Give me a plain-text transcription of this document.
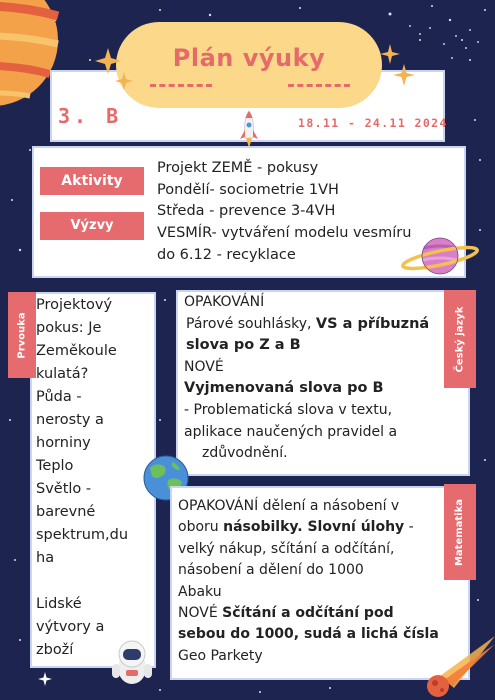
Plán výuky
3. B	18.11 - 24.11 2024
Aktivity
Výzvy
Projekt ZEMĚ - pokusy
Pondělí- sociometrie 1VH
Středa - prevence 3-4VH
VESMÍR- vytváření modelu vesmíru
do 6.12 - recyklace
Prvouka
Projektový
pokus: Je
Zeměkoule
kulatá?
Půda -
nerosty a
horniny
Teplo
Světlo -
barevné
spektrum,du
ha
Lidské
výtvory a
zboží
Český jazyk
OPAKOVÁNÍ
Párové souhlásky, VS a příbuzná slova po Z a B
NOVÉ
Vyjmenovaná slova po B
- Problematická slova v textu,
aplikace naučených pravidel a
zdůvodnění.
Matematika
OPAKOVÁNÍ dělení a násobení v oboru násobilky. Slovní úlohy - velký nákup, sčítání a odčítání, násobení a dělení do 1000
Abaku
NOVÉ Sčítání a odčítání pod sebou do 1000, sudá a lichá čísla
Geo Parkety
